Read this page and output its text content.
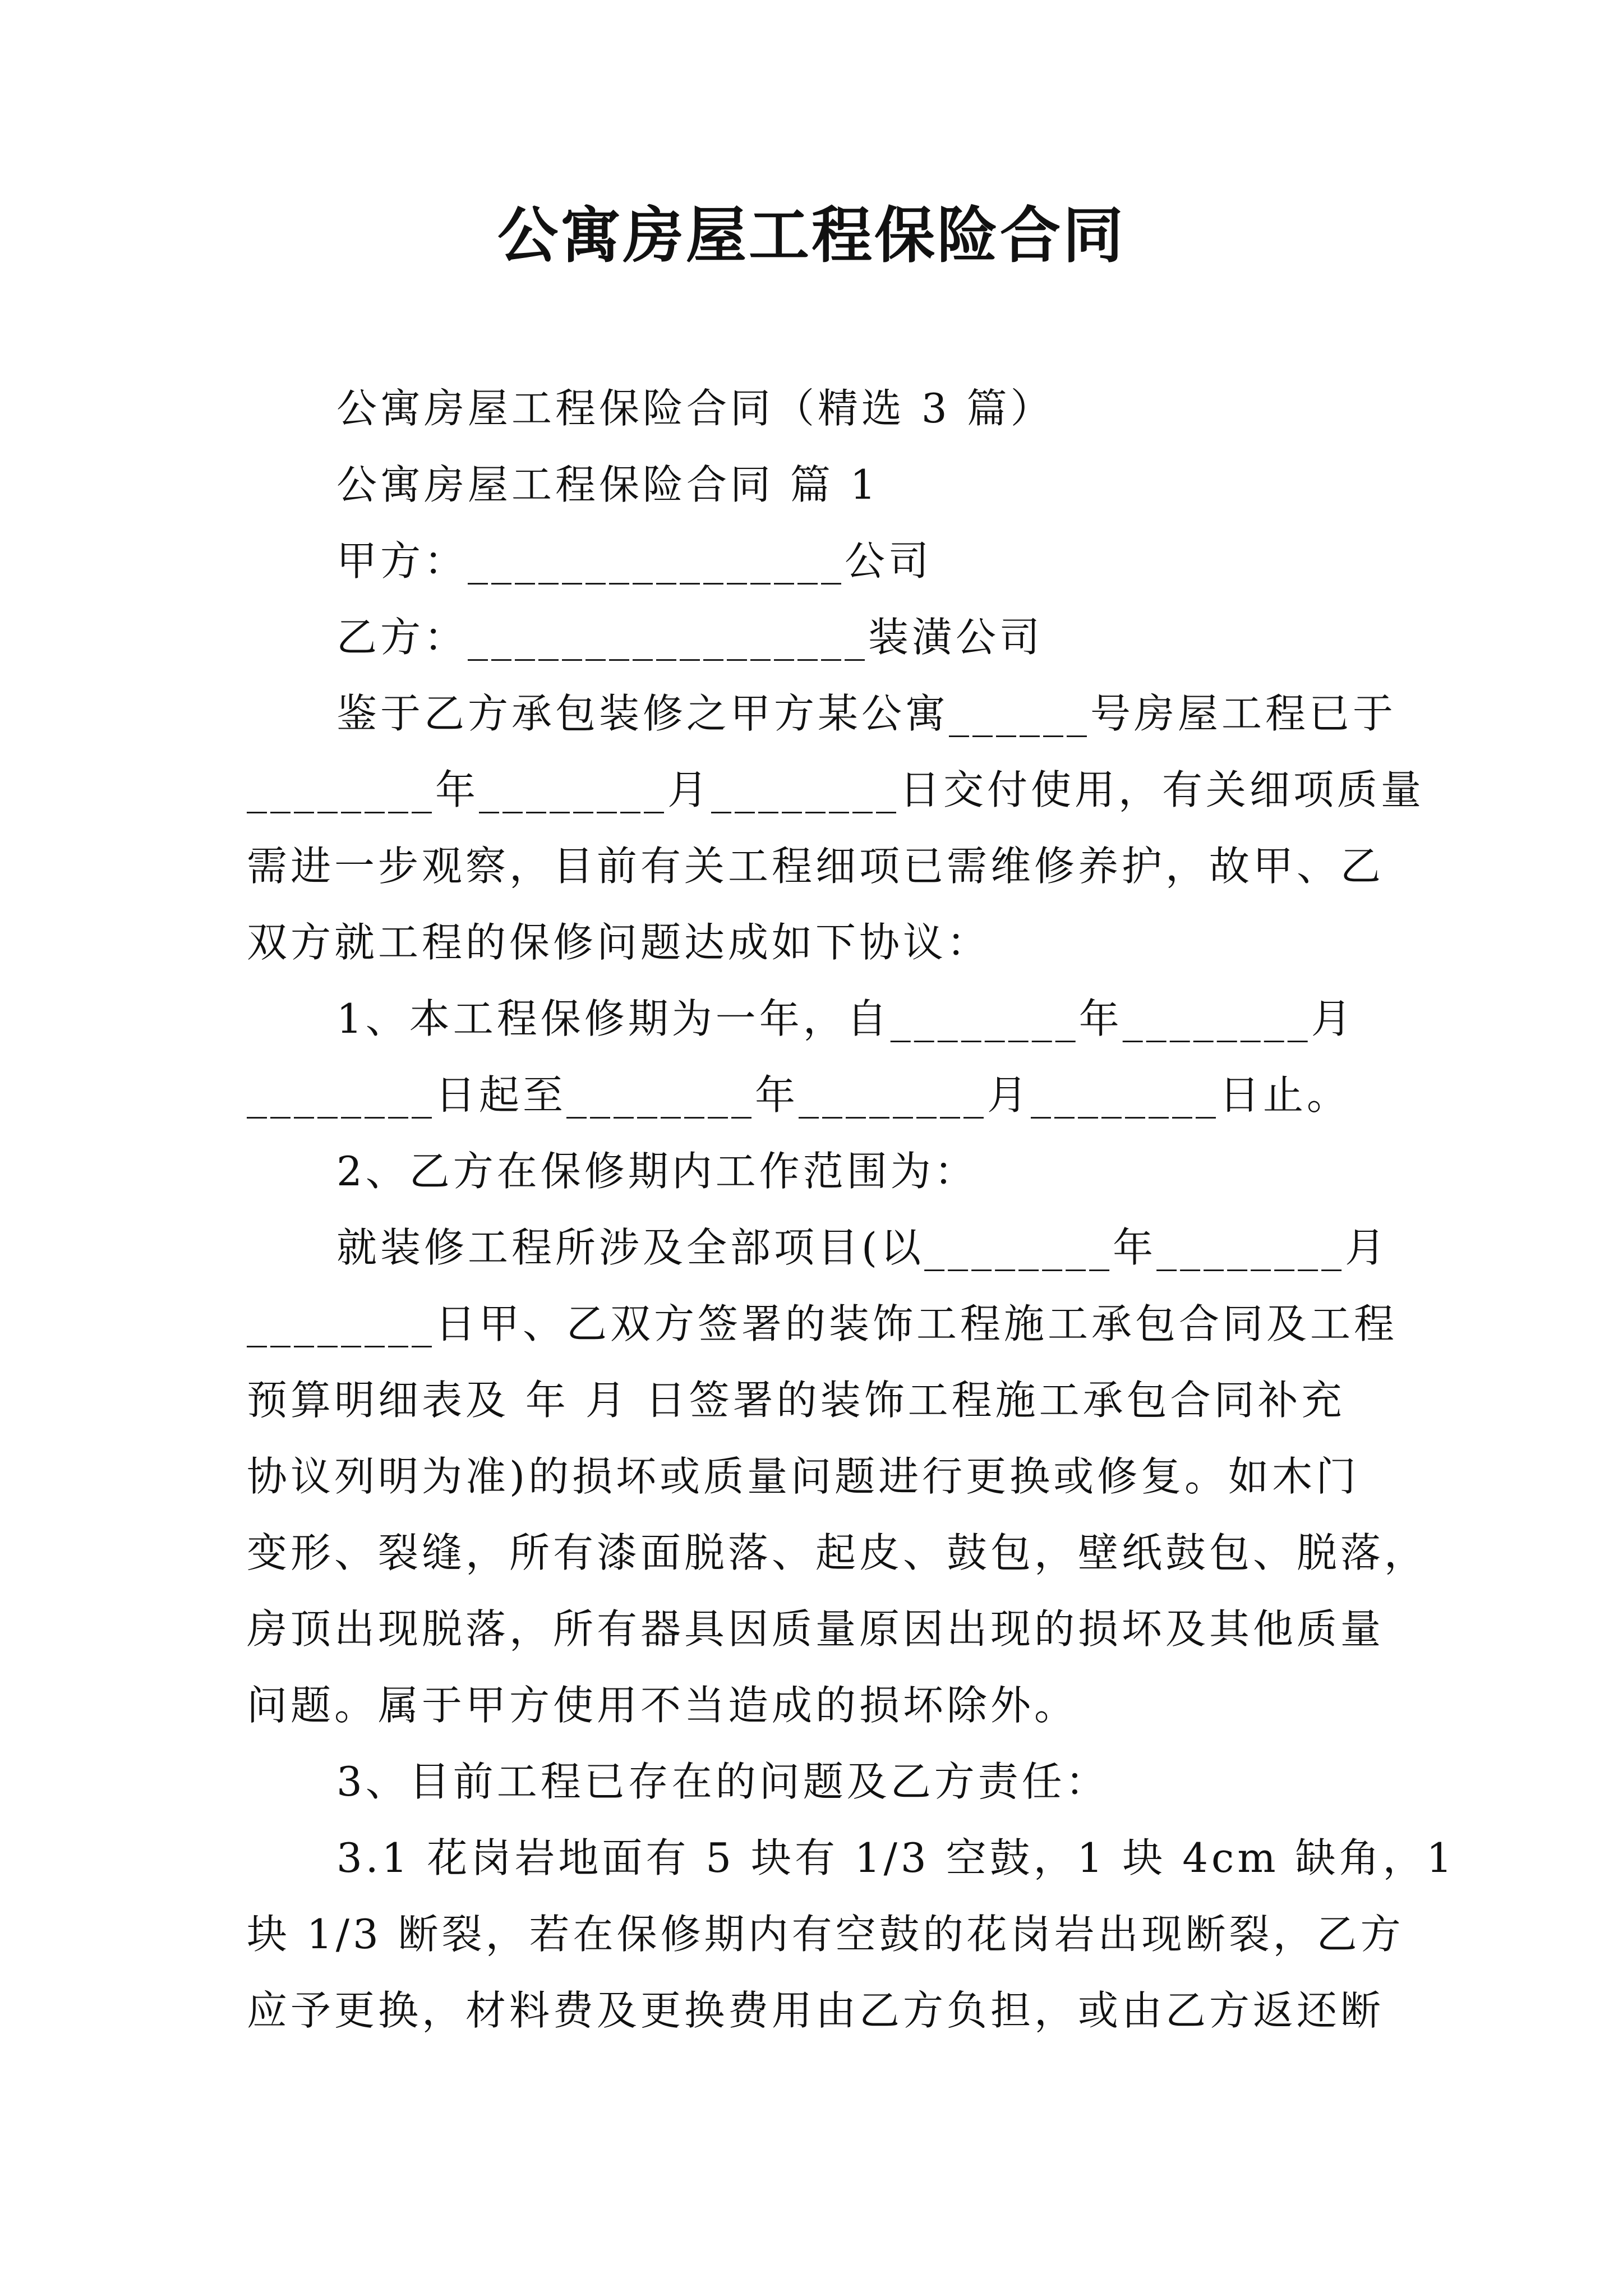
公寓房屋工程保险合同
公寓房屋工程保险合同（精选 3 篇）
公寓房屋工程保险合同 篇 1
甲方：________________公司
乙方：_________________装潢公司
鉴于乙方承包装修之甲方某公寓______号房屋工程已于
________年________月________日交付使用，有关细项质量
需进一步观察，目前有关工程细项已需维修养护，故甲、乙
双方就工程的保修问题达成如下协议：
1、本工程保修期为一年，自________年________月
________日起至________年________月________日止。
2、乙方在保修期内工作范围为：
就装修工程所涉及全部项目(以________年________月
________日甲、乙双方签署的装饰工程施工承包合同及工程
预算明细表及 年 月 日签署的装饰工程施工承包合同补充
协议列明为准)的损坏或质量问题进行更换或修复。如木门
变形、裂缝，所有漆面脱落、起皮、鼓包，壁纸鼓包、脱落，
房顶出现脱落，所有器具因质量原因出现的损坏及其他质量
问题。属于甲方使用不当造成的损坏除外。
3、目前工程已存在的问题及乙方责任：
3.1 花岗岩地面有 5 块有 1/3 空鼓，1 块 4cm 缺角，1
块 1/3 断裂，若在保修期内有空鼓的花岗岩出现断裂，乙方
应予更换，材料费及更换费用由乙方负担，或由乙方返还断
